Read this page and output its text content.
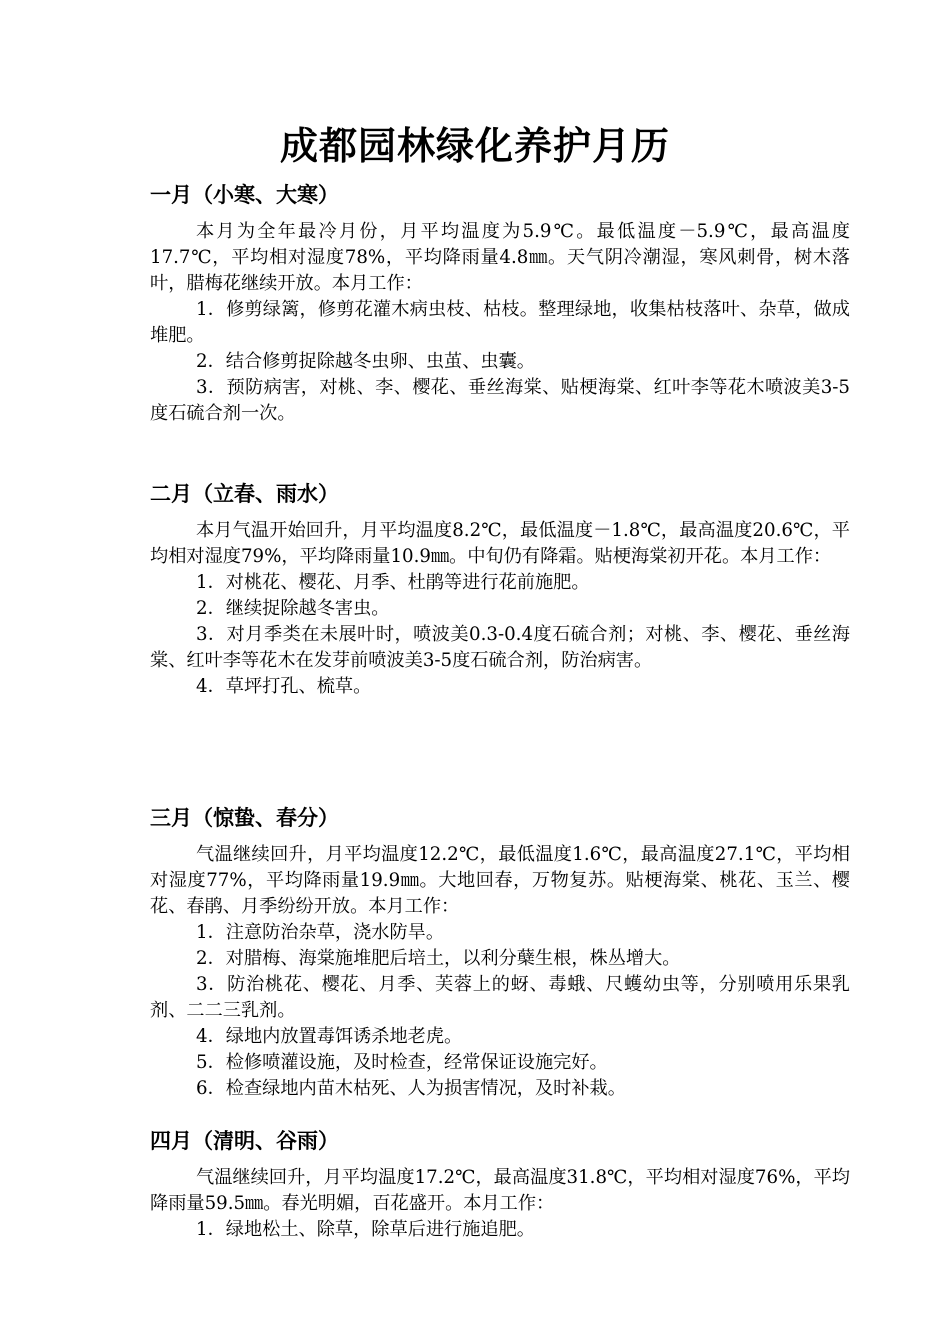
成都园林绿化养护月历
一月（小寒、大寒）

本月为全年最冷月份，月平均温度为5.9℃。最低温度－5.9℃，最高温度17.7℃，平均相对湿度78%，平均降雨量4.8㎜。天气阴冷潮湿，寒风刺骨，树木落叶，腊梅花继续开放。本月工作：

1．修剪绿篱，修剪花灌木病虫枝、枯枝。整理绿地，收集枯枝落叶、杂草，做成堆肥。

2．结合修剪捉除越冬虫卵、虫茧、虫囊。

3．预防病害，对桃、李、樱花、垂丝海棠、贴梗海棠、红叶李等花木喷波美3-5度石硫合剂一次。

二月（立春、雨水）

本月气温开始回升，月平均温度8.2℃，最低温度－1.8℃，最高温度20.6℃，平均相对湿度79%，平均降雨量10.9㎜。中旬仍有降霜。贴梗海棠初开花。本月工作：

1．对桃花、樱花、月季、杜鹃等进行花前施肥。

2．继续捉除越冬害虫。

3．对月季类在未展叶时，喷波美0.3-0.4度石硫合剂；对桃、李、樱花、垂丝海棠、红叶李等花木在发芽前喷波美3-5度石硫合剂，防治病害。

4．草坪打孔、梳草。

三月（惊蛰、春分）

气温继续回升，月平均温度12.2℃，最低温度1.6℃，最高温度27.1℃，平均相对湿度77%，平均降雨量19.9㎜。大地回春，万物复苏。贴梗海棠、桃花、玉兰、樱花、春鹃、月季纷纷开放。本月工作：

1．注意防治杂草，浇水防旱。

2．对腊梅、海棠施堆肥后培土，以利分蘖生根，株丛增大。

3．防治桃花、樱花、月季、芙蓉上的蚜、毒蛾、尺蠖幼虫等，分别喷用乐果乳剂、二二三乳剂。

4．绿地内放置毒饵诱杀地老虎。

5．检修喷灌设施，及时检查，经常保证设施完好。

6．检查绿地内苗木枯死、人为损害情况，及时补栽。

四月（清明、谷雨）

气温继续回升，月平均温度17.2℃，最高温度31.8℃，平均相对湿度76%，平均降雨量59.5㎜。春光明媚，百花盛开。本月工作：

1．绿地松土、除草，除草后进行施追肥。
